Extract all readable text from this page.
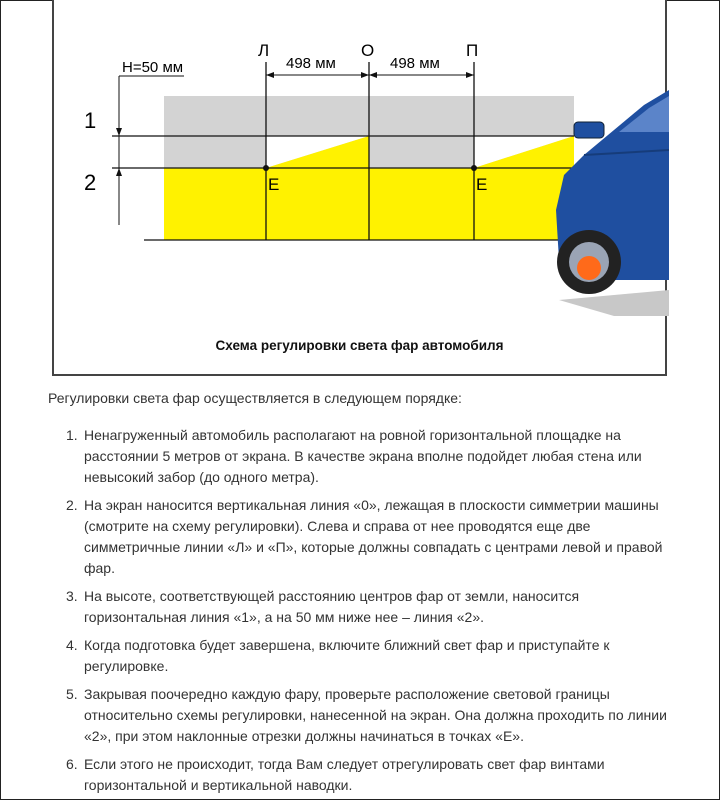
H=50 мм
1
2
Л	О	П
498 мм	498 мм
E	E
Схема регулировки света фар автомобиля
Регулировки света фар осуществляется в следующем порядке:
1. Ненагруженный автомобиль располагают на ровной горизонтальной площадке на расстоянии 5 метров от экрана. В качестве экрана вполне подойдет любая стена или невысокий забор (до одного метра).
2. На экран наносится вертикальная линия «0», лежащая в плоскости симметрии машины (смотрите на схему регулировки). Слева и справа от нее проводятся еще две симметричные линии «Л» и «П», которые должны совпадать с центрами левой и правой фар.
3. На высоте, соответствующей расстоянию центров фар от земли, наносится горизонтальная линия «1», а на 50 мм ниже нее – линия «2».
4. Когда подготовка будет завершена, включите ближний свет фар и приступайте к регулировке.
5. Закрывая поочередно каждую фару, проверьте расположение световой границы относительно схемы регулировки, нанесенной на экран. Она должна проходить по линии «2», при этом наклонные отрезки должны начинаться в точках «Е».
6. Если этого не происходит, тогда Вам следует отрегулировать свет фар винтами горизонтальной и вертикальной наводки.
